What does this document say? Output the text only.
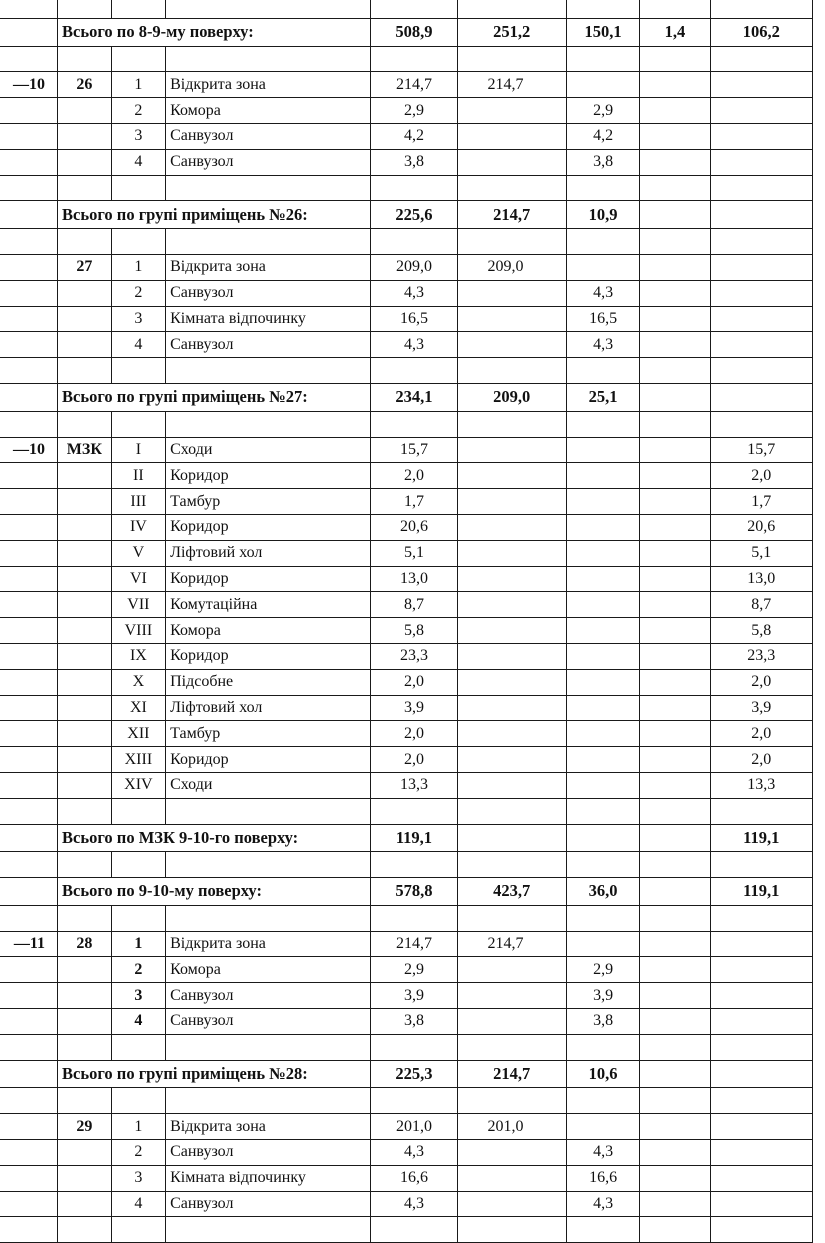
	Всього по 8-9-му поверху:			508,9	251,2	150,1	1,4	106,2

—10	26	1	Відкрита зона	214,7	214,7			
		2	Комора	2,9		2,9		
		3	Санвузол	4,2		4,2		
		4	Санвузол	3,8		3,8		

	Всього по групі приміщень №26:			225,6	214,7	10,9		

	27	1	Відкрита зона	209,0	209,0			
		2	Санвузол	4,3		4,3		
		3	Кімната відпочинку	16,5		16,5		
		4	Санвузол	4,3		4,3		

	Всього по групі приміщень №27:			234,1	209,0	25,1		

—10	МЗК	I	Сходи	15,7				15,7
		II	Коридор	2,0				2,0
		III	Тамбур	1,7				1,7
		IV	Коридор	20,6				20,6
		V	Ліфтовий хол	5,1				5,1
		VI	Коридор	13,0				13,0
		VII	Комутаційна	8,7				8,7
		VIII	Комора	5,8				5,8
		IX	Коридор	23,3				23,3
		X	Підсобне	2,0				2,0
		XI	Ліфтовий хол	3,9				3,9
		XII	Тамбур	2,0				2,0
		XIII	Коридор	2,0				2,0
		XIV	Сходи	13,3				13,3

	Всього по МЗК 9-10-го поверху:			119,1				119,1

	Всього по 9-10-му поверху:			578,8	423,7	36,0		119,1

—11	28	1	Відкрита зона	214,7	214,7			
		2	Комора	2,9		2,9		
		3	Санвузол	3,9		3,9		
		4	Санвузол	3,8		3,8		

	Всього по групі приміщень №28:			225,3	214,7	10,6		

	29	1	Відкрита зона	201,0	201,0			
		2	Санвузол	4,3		4,3		
		3	Кімната відпочинку	16,6		16,6		
		4	Санвузол	4,3		4,3		
